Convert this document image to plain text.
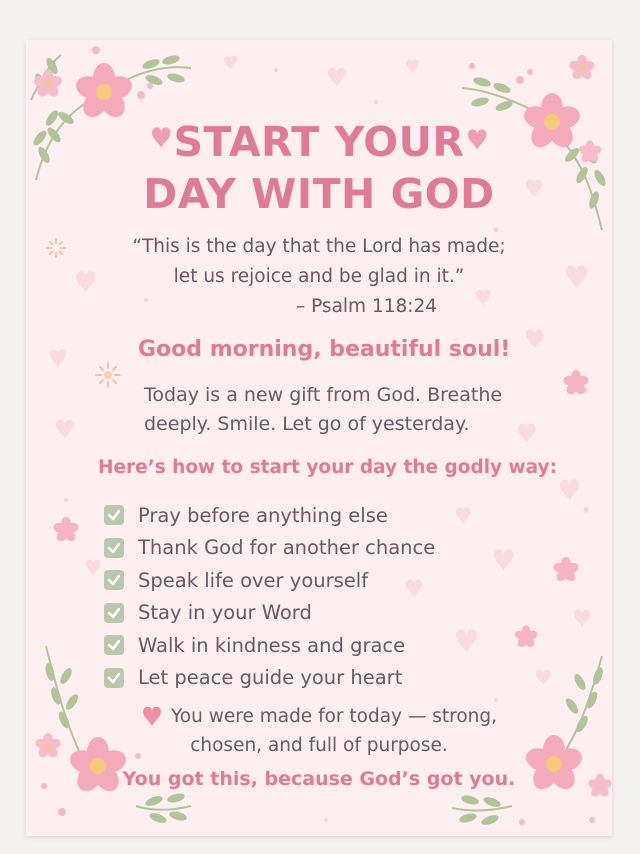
START YOUR
DAY WITH GOD
“This is the day that the Lord has made;
let us rejoice and be glad in it.”
– Psalm 118:24
Good morning, beautiful soul!
Today is a new gift from God. Breathe
deeply. Smile. Let go of yesterday.
Here’s how to start your day the godly way:
Pray before anything else
Thank God for another chance
Speak life over yourself
Stay in your Word
Walk in kindness and grace
Let peace guide your heart
You were made for today — strong,
chosen, and full of purpose.
You got this, because God’s got you.
